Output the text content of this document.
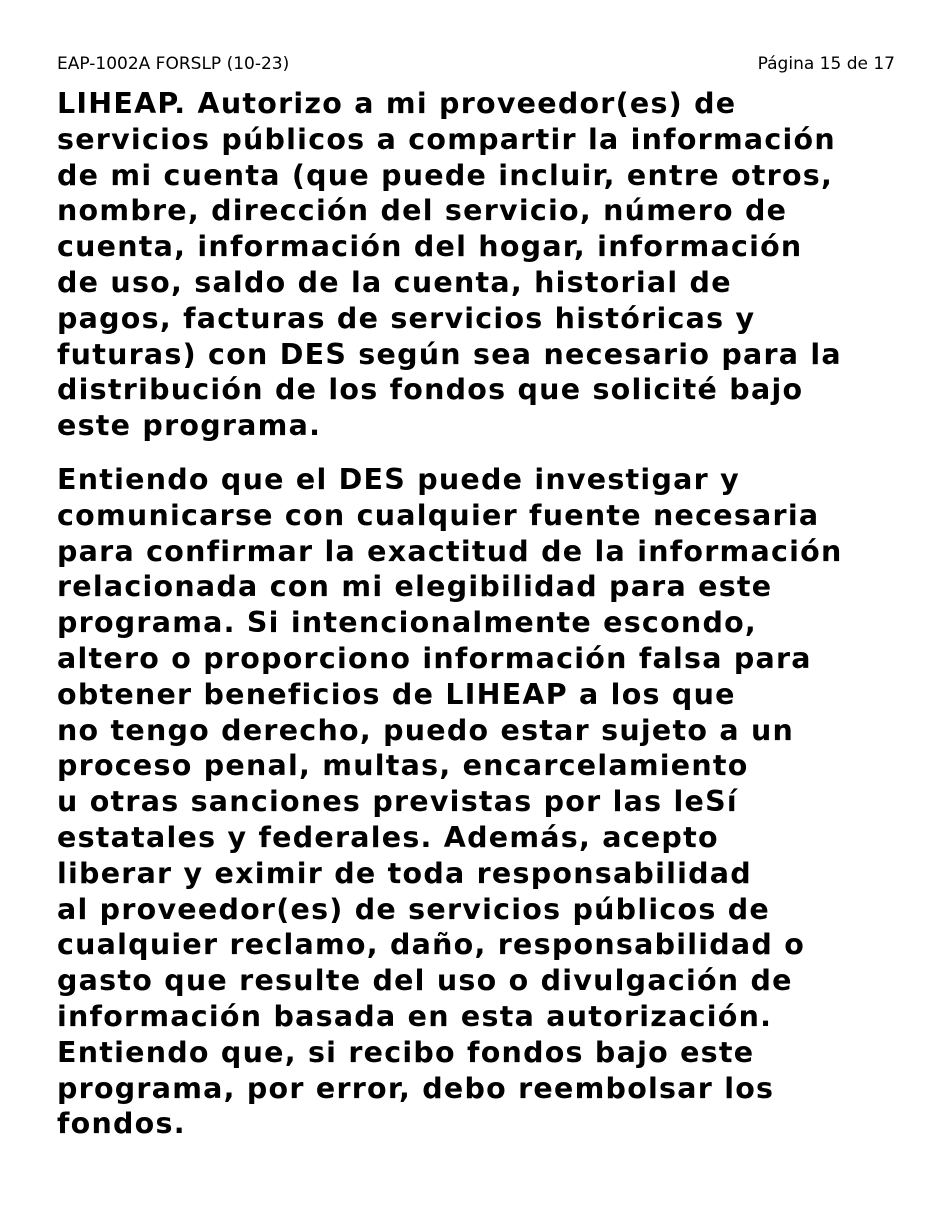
EAP-1002A FORSLP (10-23)	Página 15 de 17

LIHEAP. Autorizo a mi proveedor(es) de
servicios públicos a compartir la información
de mi cuenta (que puede incluir, entre otros,
nombre, dirección del servicio, número de
cuenta, información del hogar, información
de uso, saldo de la cuenta, historial de
pagos, facturas de servicios históricas y
futuras) con DES según sea necesario para la
distribución de los fondos que solicité bajo
este programa.

Entiendo que el DES puede investigar y
comunicarse con cualquier fuente necesaria
para confirmar la exactitud de la información
relacionada con mi elegibilidad para este
programa. Si intencionalmente escondo,
altero o proporciono información falsa para
obtener beneficios de LIHEAP a los que
no tengo derecho, puedo estar sujeto a un
proceso penal, multas, encarcelamiento
u otras sanciones previstas por las leSí
estatales y federales. Además, acepto
liberar y eximir de toda responsabilidad
al proveedor(es) de servicios públicos de
cualquier reclamo, daño, responsabilidad o
gasto que resulte del uso o divulgación de
información basada en esta autorización.
Entiendo que, si recibo fondos bajo este
programa, por error, debo reembolsar los
fondos.
